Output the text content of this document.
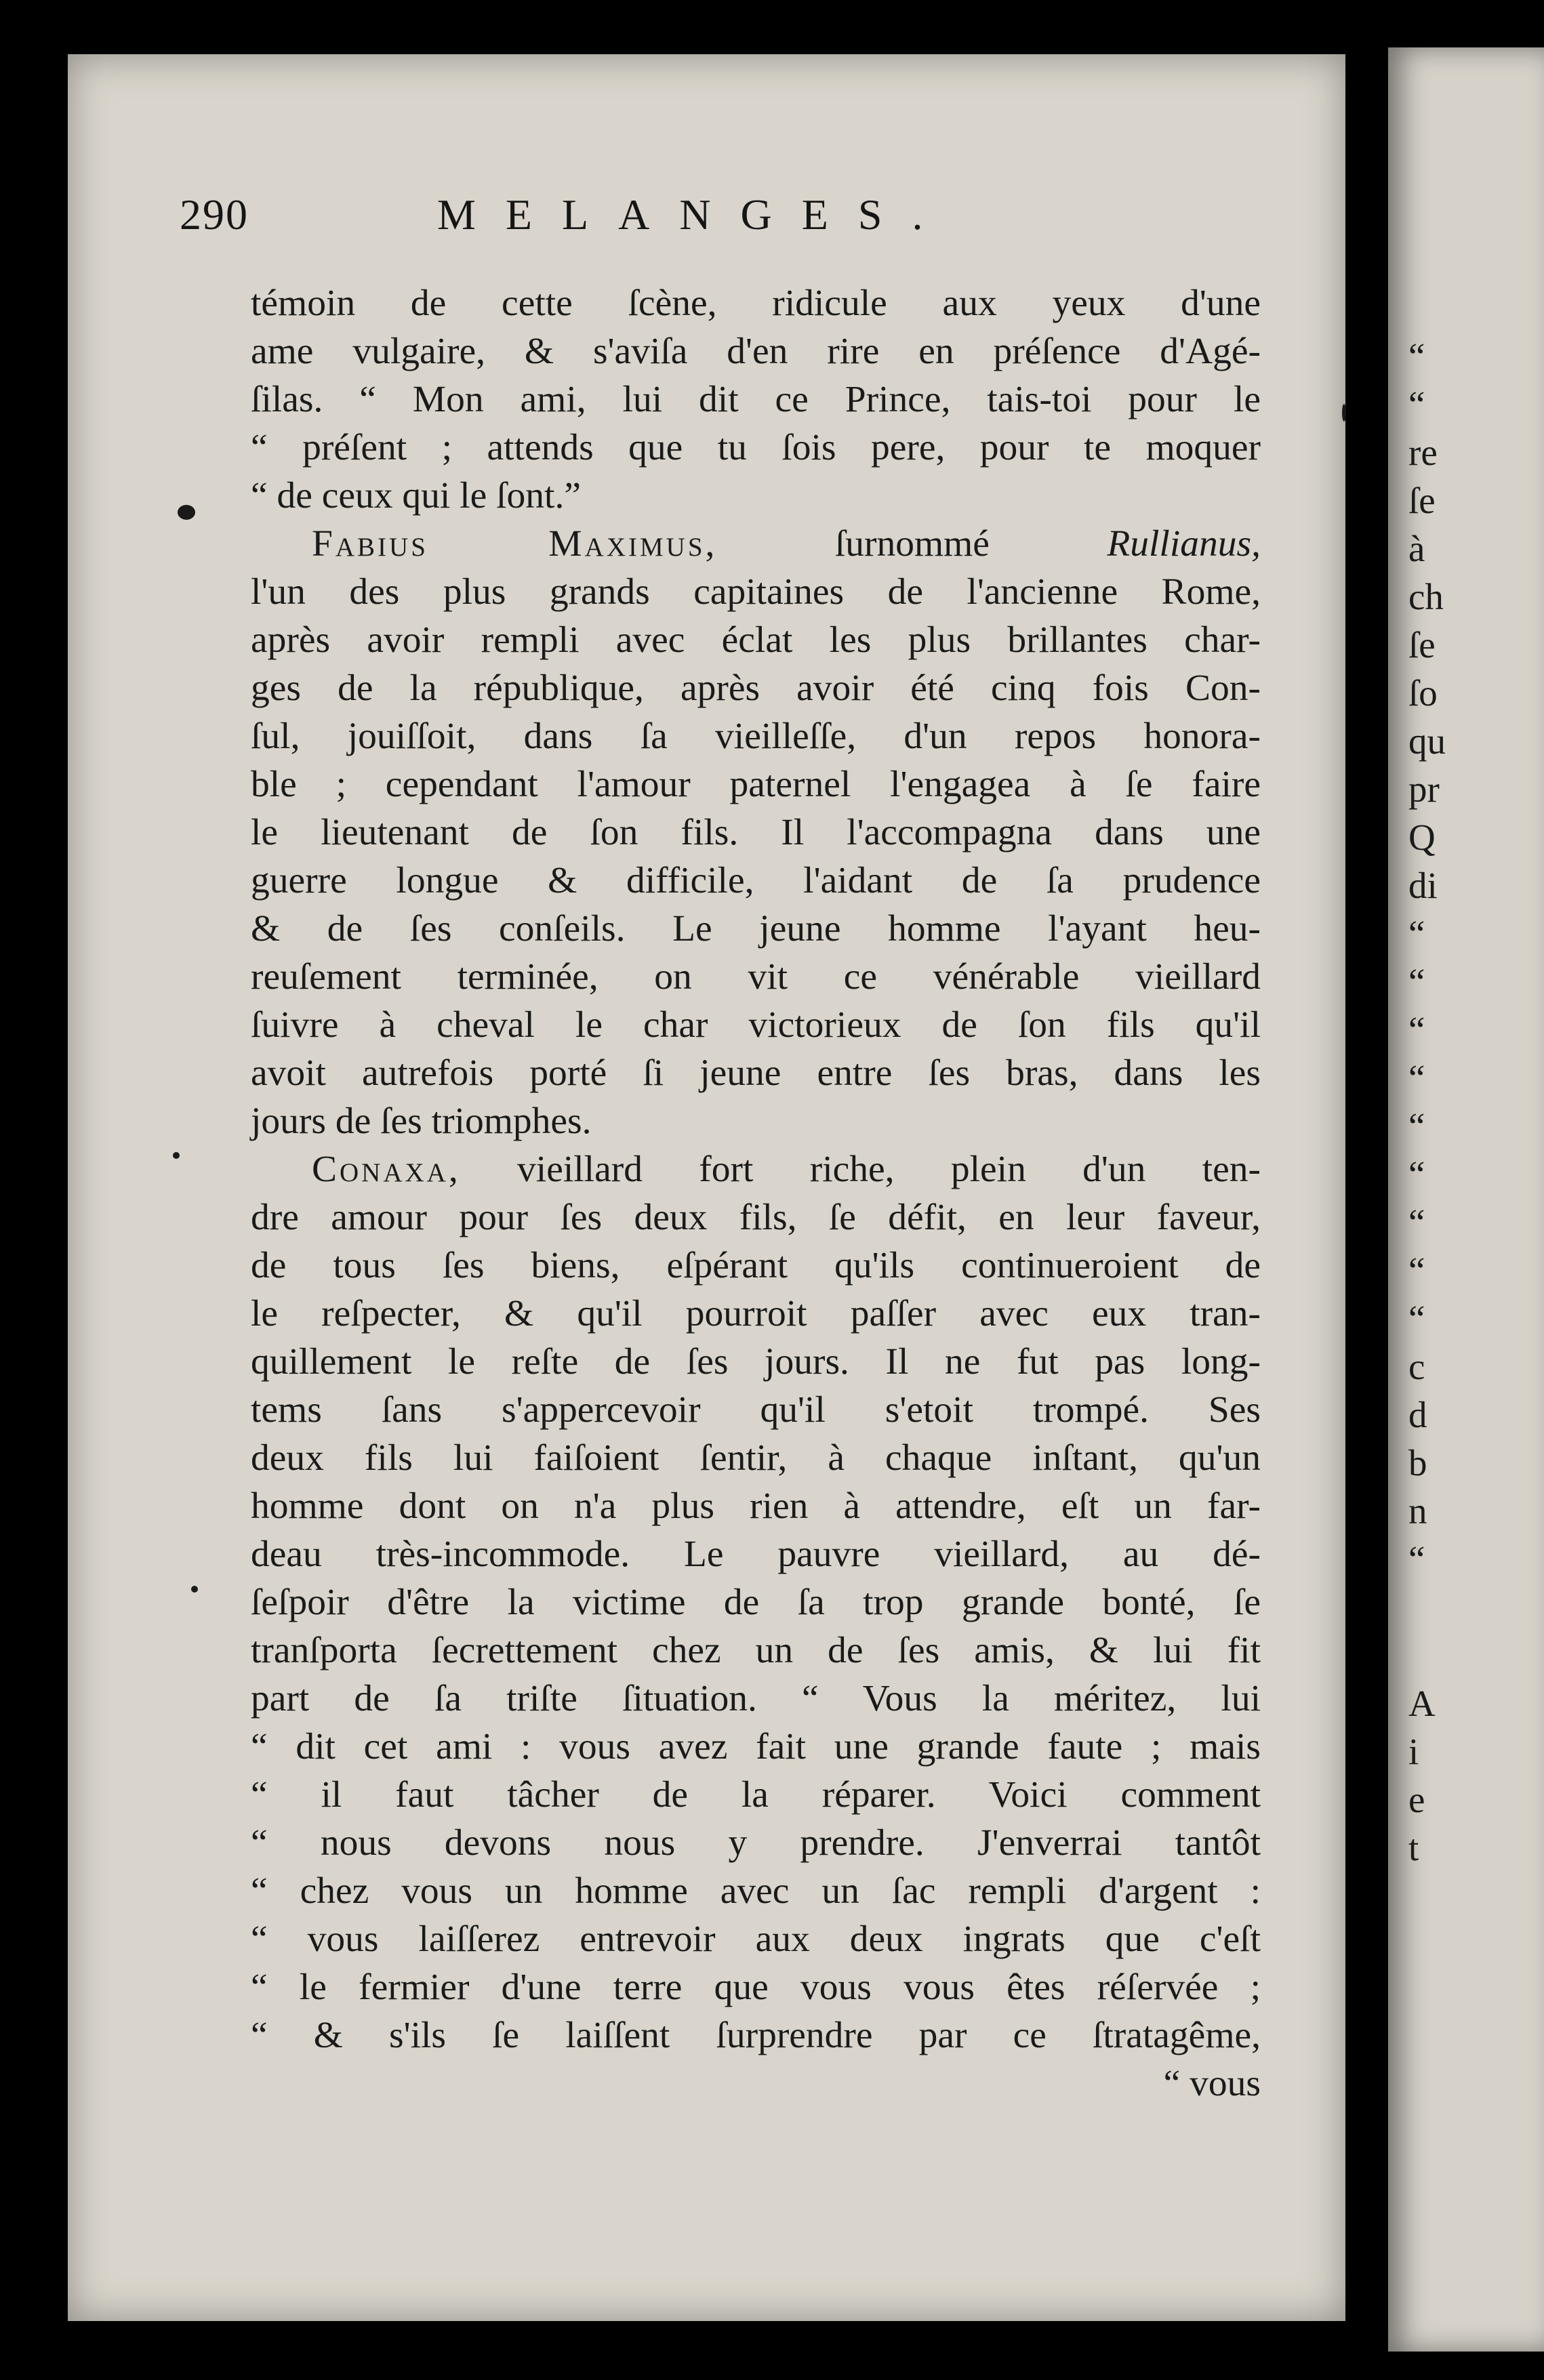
290	MELANGES.
témoin de cette ſcène, ridicule aux yeux d'une
ame vulgaire, & s'aviſa d'en rire en préſence d'Agé-
ſilas. “ Mon ami, lui dit ce Prince, tais-toi pour le
“ préſent ; attends que tu ſois pere, pour te moquer
“ de ceux qui le ſont.”
Fabius Maximus, ſurnommé Rullianus,
l'un des plus grands capitaines de l'ancienne Rome,
après avoir rempli avec éclat les plus brillantes char-
ges de la république, après avoir été cinq fois Con-
ſul, jouiſſoit, dans ſa vieilleſſe, d'un repos honora-
ble ; cependant l'amour paternel l'engagea à ſe faire
le lieutenant de ſon fils. Il l'accompagna dans une
guerre longue & difficile, l'aidant de ſa prudence
& de ſes conſeils. Le jeune homme l'ayant heu-
reuſement terminée, on vit ce vénérable vieillard
ſuivre à cheval le char victorieux de ſon fils qu'il
avoit autrefois porté ſi jeune entre ſes bras, dans les
jours de ſes triomphes.
Conaxa, vieillard fort riche, plein d'un ten-
dre amour pour ſes deux fils, ſe défit, en leur faveur,
de tous ſes biens, eſpérant qu'ils continueroient de
le reſpecter, & qu'il pourroit paſſer avec eux tran-
quillement le reſte de ſes jours. Il ne fut pas long-
tems ſans s'appercevoir qu'il s'etoit trompé. Ses
deux fils lui faiſoient ſentir, à chaque inſtant, qu'un
homme dont on n'a plus rien à attendre, eſt un far-
deau très-incommode. Le pauvre vieillard, au dé-
ſeſpoir d'être la victime de ſa trop grande bonté, ſe
tranſporta ſecrettement chez un de ſes amis, & lui fit
part de ſa triſte ſituation. “ Vous la méritez, lui
“ dit cet ami : vous avez fait une grande faute ; mais
“ il faut tâcher de la réparer. Voici comment
“ nous devons nous y prendre. J'enverrai tantôt
“ chez vous un homme avec un ſac rempli d'argent :
“ vous laiſſerez entrevoir aux deux ingrats que c'eſt
“ le fermier d'une terre que vous vous êtes réſervée ;
“ & s'ils ſe laiſſent ſurprendre par ce ſtratagême,
“ vous
“
“
re
ſe
à
ch
ſe
ſo
qu
pr
Q
di
“
“
“
“
“
“
“
“
“
c
d
b
n
“
A
i
e
t
